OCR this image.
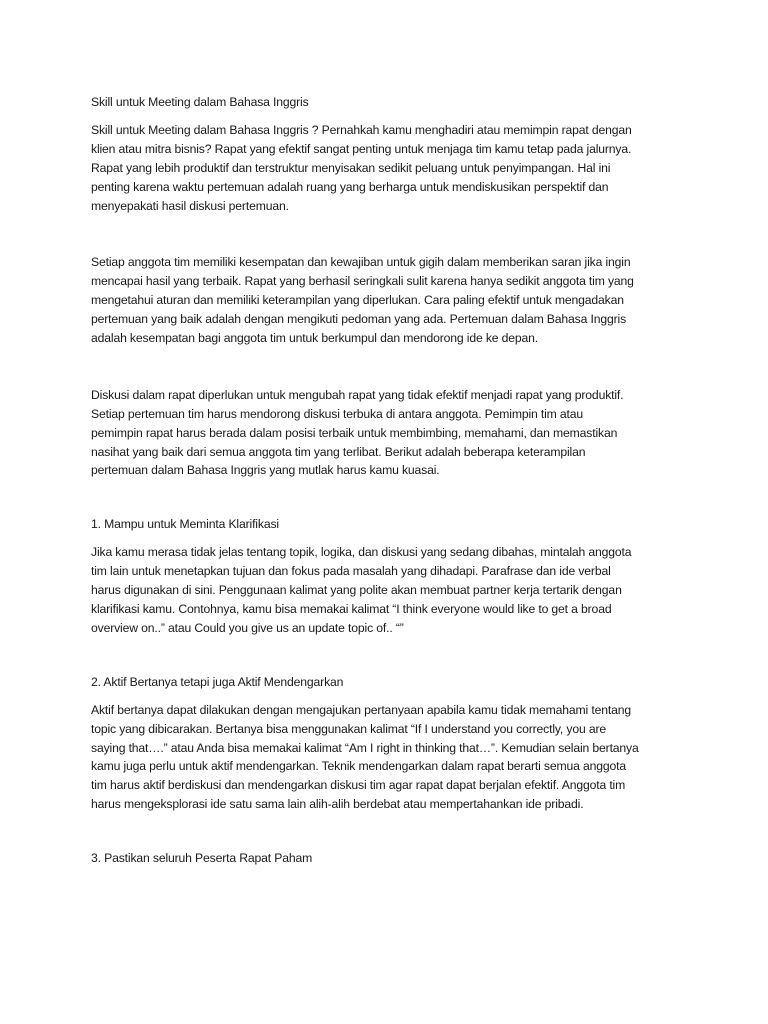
Skill untuk Meeting dalam Bahasa Inggris
Skill untuk Meeting dalam Bahasa Inggris ? Pernahkah kamu menghadiri atau memimpin rapat dengan
klien atau mitra bisnis? Rapat yang efektif sangat penting untuk menjaga tim kamu tetap pada jalurnya.
Rapat yang lebih produktif dan terstruktur menyisakan sedikit peluang untuk penyimpangan. Hal ini
penting karena waktu pertemuan adalah ruang yang berharga untuk mendiskusikan perspektif dan
menyepakati hasil diskusi pertemuan.
Setiap anggota tim memiliki kesempatan dan kewajiban untuk gigih dalam memberikan saran jika ingin
mencapai hasil yang terbaik. Rapat yang berhasil seringkali sulit karena hanya sedikit anggota tim yang
mengetahui aturan dan memiliki keterampilan yang diperlukan. Cara paling efektif untuk mengadakan
pertemuan yang baik adalah dengan mengikuti pedoman yang ada. Pertemuan dalam Bahasa Inggris
adalah kesempatan bagi anggota tim untuk berkumpul dan mendorong ide ke depan.
Diskusi dalam rapat diperlukan untuk mengubah rapat yang tidak efektif menjadi rapat yang produktif.
Setiap pertemuan tim harus mendorong diskusi terbuka di antara anggota. Pemimpin tim atau
pemimpin rapat harus berada dalam posisi terbaik untuk membimbing, memahami, dan memastikan
nasihat yang baik dari semua anggota tim yang terlibat. Berikut adalah beberapa keterampilan
pertemuan dalam Bahasa Inggris yang mutlak harus kamu kuasai.
1. Mampu untuk Meminta Klarifikasi
Jika kamu merasa tidak jelas tentang topik, logika, dan diskusi yang sedang dibahas, mintalah anggota
tim lain untuk menetapkan tujuan dan fokus pada masalah yang dihadapi. Parafrase dan ide verbal
harus digunakan di sini. Penggunaan kalimat yang polite akan membuat partner kerja tertarik dengan
klarifikasi kamu. Contohnya, kamu bisa memakai kalimat “I think everyone would like to get a broad
overview on..” atau Could you give us an update topic of.. “”
2. Aktif Bertanya tetapi juga Aktif Mendengarkan
Aktif bertanya dapat dilakukan dengan mengajukan pertanyaan apabila kamu tidak memahami tentang
topic yang dibicarakan. Bertanya bisa menggunakan kalimat “If I understand you correctly, you are
saying that….” atau Anda bisa memakai kalimat “Am I right in thinking that…”. Kemudian selain bertanya
kamu juga perlu untuk aktif mendengarkan. Teknik mendengarkan dalam rapat berarti semua anggota
tim harus aktif berdiskusi dan mendengarkan diskusi tim agar rapat dapat berjalan efektif. Anggota tim
harus mengeksplorasi ide satu sama lain alih-alih berdebat atau mempertahankan ide pribadi.
3. Pastikan seluruh Peserta Rapat Paham
